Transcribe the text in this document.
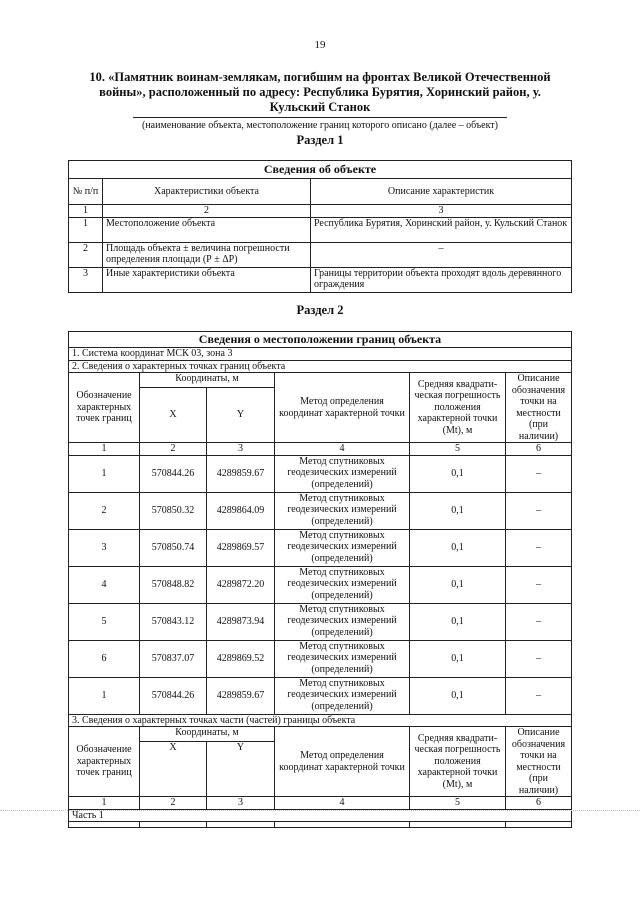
19
10. «Памятник воинам-землякам, погибшим на фронтах Великой Отечественной войны», расположенный по адресу: Республика Бурятия, Хоринский район, у. Кульский Станок
(наименование объекта, местоположение границ которого описано (далее – объект)
Раздел 1
Сведения об объекте		
№ п/п	Характеристики объекта	Описание характеристик
1	2	3
1	Местоположение объекта	Республика Бурятия, Хоринский район, у. Кульский Станок
2	Площадь объекта ± величина погрешности определения площади (Р ± ΔР)	–
3	Иные характеристики объекта	Границы территории объекта проходят вдоль деревянного ограждения
Раздел 2
Сведения о местоположении границ объекта					
1. Система координат МСК 03, зона 3					
2. Сведения о характерных точках границ объекта					
Обозначение характерных точек границ	Координаты, м		Метод определения координат характерной точки	Средняя квадрати-ческая погрешность положения характерной точки (Mt), м	Описание обозначения точки на местности (при наличии)
	X	Y			
1	2	3	4	5	6
1	570844.26	4289859.67	Метод спутниковых геодезических измерений (определений)	0,1	–
2	570850.32	4289864.09	Метод спутниковых геодезических измерений (определений)	0,1	–
3	570850.74	4289869.57	Метод спутниковых геодезических измерений (определений)	0,1	–
4	570848.82	4289872.20	Метод спутниковых геодезических измерений (определений)	0,1	–
5	570843.12	4289873.94	Метод спутниковых геодезических измерений (определений)	0,1	–
6	570837.07	4289869.52	Метод спутниковых геодезических измерений (определений)	0,1	–
1	570844.26	4289859.67	Метод спутниковых геодезических измерений (определений)	0,1	–
3. Сведения о характерных точках части (частей) границы объекта					
Обозначение характерных точек границ	Координаты, м		Метод определения координат характерной точки	Средняя квадрати-ческая погрешность положения характерной точки (Mt), м	Описание обозначения точки на местности (при наличии)
	X	Y			
1	2	3	4	5	6
Часть 1					
